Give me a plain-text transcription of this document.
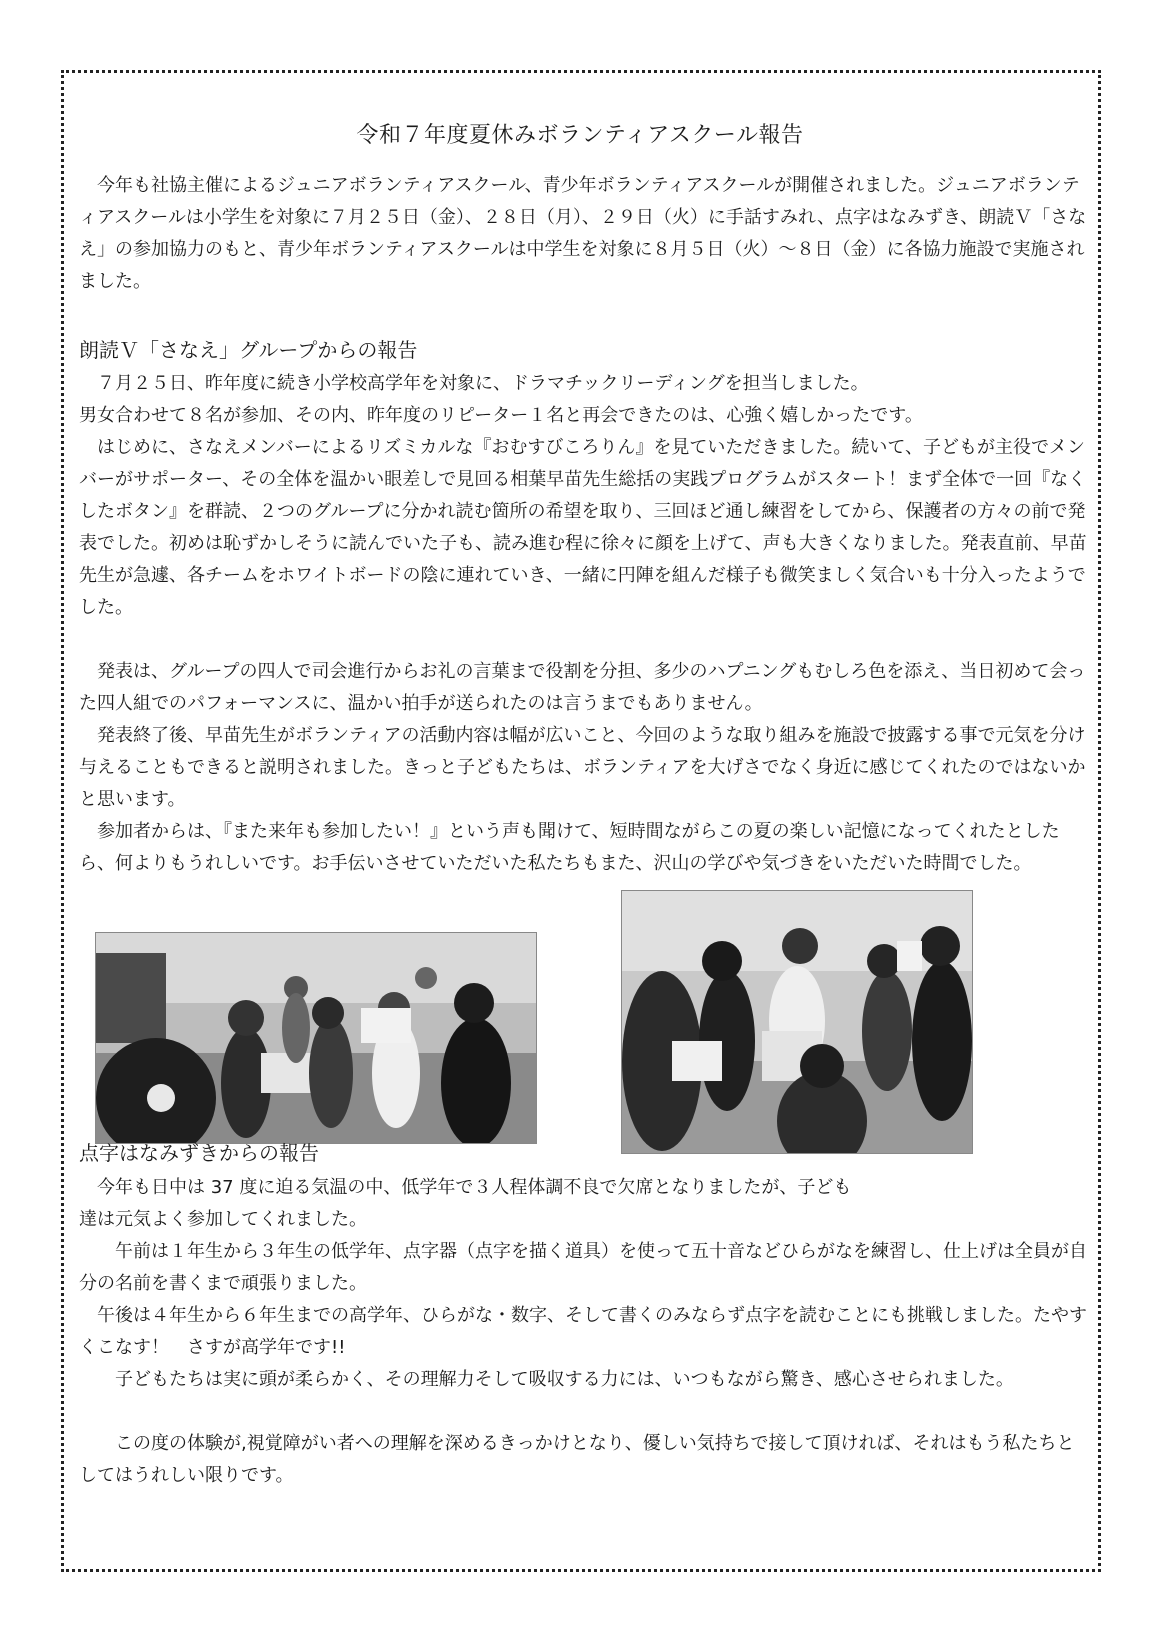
令和７年度夏休みボランティアスクール報告

　今年も社協主催によるジュニアボランティアスクール、青少年ボランティアスクールが開催されました。ジュニアボランティアスクールは小学生を対象に７月２５日（金）、２８日（月）、２９日（火）に手話すみれ、点字はなみずき、朗読Ｖ「さなえ」の参加協力のもと、青少年ボランティアスクールは中学生を対象に８月５日（火）～８日（金）に各協力施設で実施されました。

朗読Ｖ「さなえ」グループからの報告

　７月２５日、昨年度に続き小学校高学年を対象に、ドラマチックリーディングを担当しました。

男女合わせて８名が参加、その内、昨年度のリピーター１名と再会できたのは、心強く嬉しかったです。

　はじめに、さなえメンバーによるリズミカルな『おむすびころりん』を見ていただきました。続いて、子どもが主役でメンバーがサポーター、その全体を温かい眼差しで見回る相葉早苗先生総括の実践プログラムがスタート！まず全体で一回『なくしたボタン』を群読、２つのグループに分かれ読む箇所の希望を取り、三回ほど通し練習をしてから、保護者の方々の前で発表でした。初めは恥ずかしそうに読んでいた子も、読み進む程に徐々に顔を上げて、声も大きくなりました。発表直前、早苗先生が急遽、各チームをホワイトボードの陰に連れていき、一緒に円陣を組んだ様子も微笑ましく気合いも十分入ったようでした。

　発表は、グループの四人で司会進行からお礼の言葉まで役割を分担、多少のハプニングもむしろ色を添え、当日初めて会った四人組でのパフォーマンスに、温かい拍手が送られたのは言うまでもありません。

　発表終了後、早苗先生がボランティアの活動内容は幅が広いこと、今回のような取り組みを施設で披露する事で元気を分け与えることもできると説明されました。きっと子どもたちは、ボランティアを大げさでなく身近に感じてくれたのではないかと思います。

　参加者からは、『また来年も参加したい！』という声も聞けて、短時間ながらこの夏の楽しい記憶になってくれたとしたら、何よりもうれしいです。お手伝いさせていただいた私たちもまた、沢山の学びや気づきをいただいた時間でした。

点字はなみずきからの報告

　今年も日中は 37 度に迫る気温の中、低学年で３人程体調不良で欠席となりましたが、子ども
達は元気よく参加してくれました。

　　午前は１年生から３年生の低学年、点字器（点字を描く道具）を使って五十音などひらがなを練習し、仕上げは全員が自分の名前を書くまで頑張りました。

　午後は４年生から６年生までの高学年、ひらがな・数字、そして書くのみならず点字を読むことにも挑戦しました。たやすくこなす！　さすが高学年です!!

　　子どもたちは実に頭が柔らかく、その理解力そして吸収する力には、いつもながら驚き、感心させられました。

　　この度の体験が,視覚障がい者への理解を深めるきっかけとなり、優しい気持ちで接して頂ければ、それはもう私たちとしてはうれしい限りです。
